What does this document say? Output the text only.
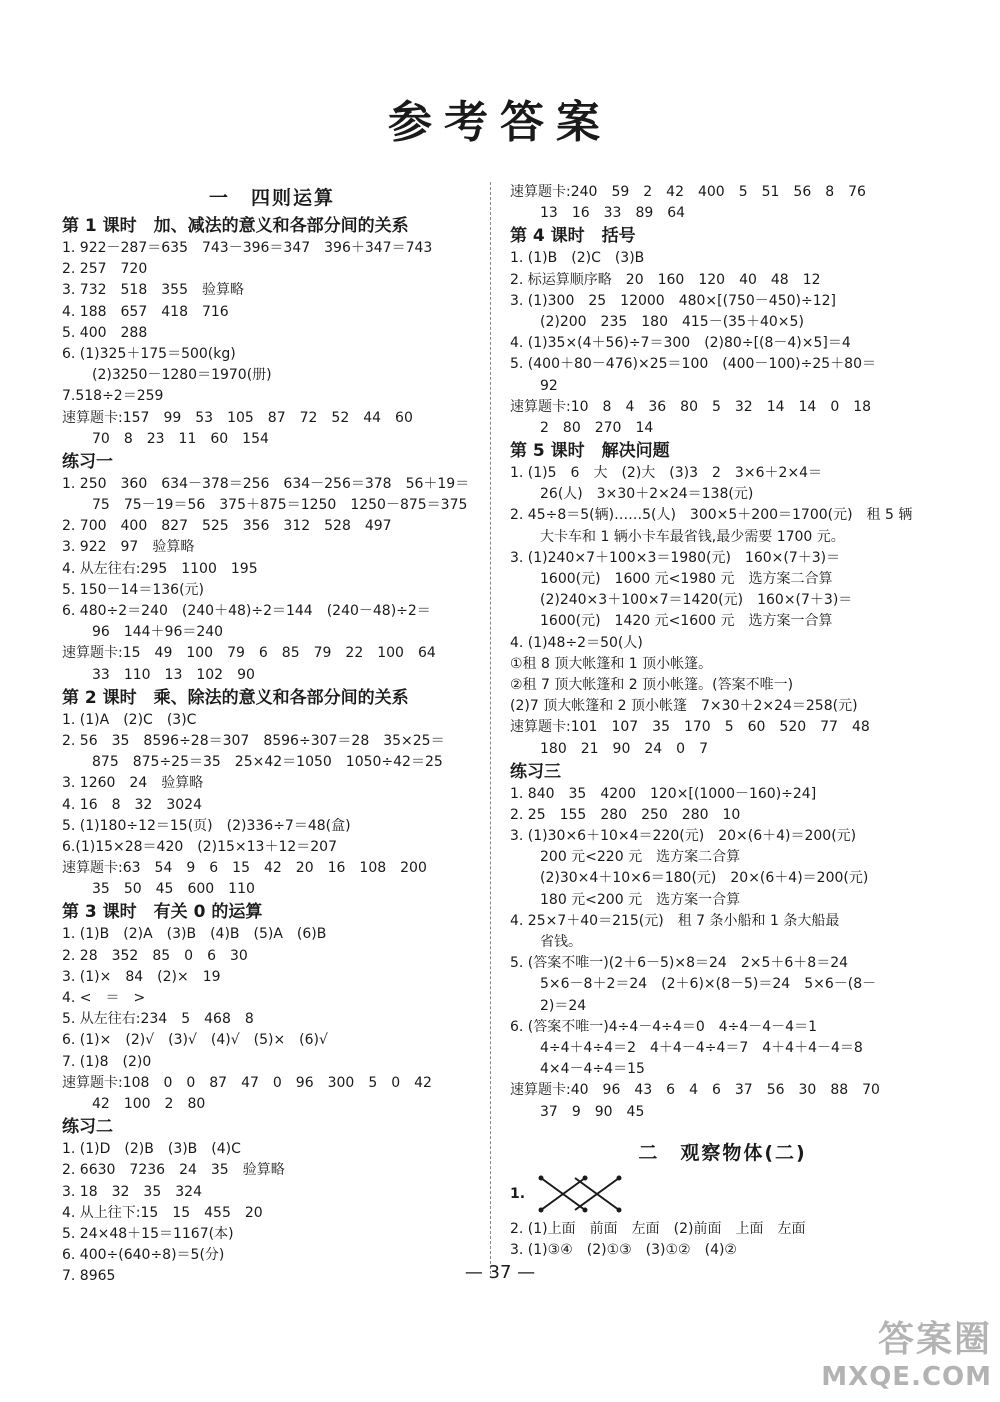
参考答案
一　四则运算
第 1 课时　加、减法的意义和各部分间的关系
1. 922－287＝635　743－396＝347　396＋347＝743
2. 257　720
3. 732　518　355　验算略
4. 188　657　418　716
5. 400　288
6. (1)325＋175＝500(kg)
(2)3250－1280＝1970(册)
7.518÷2＝259
速算题卡:157　99　53　105　87　72　52　44　60
70　8　23　11　60　154
练习一
1. 250　360　634－378＝256　634－256＝378　56＋19＝
75　75－19＝56　375＋875＝1250　1250－875＝375
2. 700　400　827　525　356　312　528　497
3. 922　97　验算略
4. 从左往右:295　1100　195
5. 150－14＝136(元)
6. 480÷2＝240　(240＋48)÷2＝144　(240－48)÷2＝
96　144＋96＝240
速算题卡:15　49　100　79　6　85　79　22　100　64
33　110　13　102　90
第 2 课时　乘、除法的意义和各部分间的关系
1. (1)A　(2)C　(3)C
2. 56　35　8596÷28＝307　8596÷307＝28　35×25＝
875　875÷25＝35　25×42＝1050　1050÷42＝25
3. 1260　24　验算略
4. 16　8　32　3024
5. (1)180÷12＝15(页)　(2)336÷7＝48(盒)
6.(1)15×28＝420　(2)15×13＋12＝207
速算题卡:63　54　9　6　15　42　20　16　108　200
35　50　45　600　110
第 3 课时　有关 0 的运算
1. (1)B　(2)A　(3)B　(4)B　(5)A　(6)B
2. 28　352　85　0　6　30
3. (1)×　84　(2)×　19
4. <　＝　>
5. 从左往右:234　5　468　8
6. (1)×　(2)√　(3)√　(4)√　(5)×　(6)√
7. (1)8　(2)0
速算题卡:108　0　0　87　47　0　96　300　5　0　42
42　100　2　80
练习二
1. (1)D　(2)B　(3)B　(4)C
2. 6630　7236　24　35　验算略
3. 18　32　35　324
4. 从上往下:15　15　455　20
5. 24×48＋15＝1167(本)
6. 400÷(640÷8)＝5(分)
7. 8965
速算题卡:240　59　2　42　400　5　51　56　8　76
13　16　33　89　64
第 4 课时　括号
1. (1)B　(2)C　(3)B
2. 标运算顺序略　20　160　120　40　48　12
3. (1)300　25　12000　480×[(750－450)÷12]
(2)200　235　180　415－(35＋40×5)
4. (1)35×(4＋56)÷7＝300　(2)80÷[(8－4)×5]＝4
5. (400＋80－476)×25＝100　(400－100)÷25＋80＝
92
速算题卡:10　8　4　36　80　5　32　14　14　0　18
2　80　270　14
第 5 课时　解决问题
1. (1)5　6　大　(2)大　(3)3　2　3×6＋2×4＝
26(人)　3×30＋2×24＝138(元)
2. 45÷8＝5(辆)……5(人)　300×5＋200＝1700(元)　租 5 辆
大卡车和 1 辆小卡车最省钱,最少需要 1700 元。
3. (1)240×7＋100×3＝1980(元)　160×(7＋3)＝
1600(元)　1600 元<1980 元　选方案二合算
(2)240×3＋100×7＝1420(元)　160×(7＋3)＝
1600(元)　1420 元<1600 元　选方案一合算
4. (1)48÷2＝50(人)
①租 8 顶大帐篷和 1 顶小帐篷。
②租 7 顶大帐篷和 2 顶小帐篷。(答案不唯一)
(2)7 顶大帐篷和 2 顶小帐篷　7×30＋2×24＝258(元)
速算题卡:101　107　35　170　5　60　520　77　48
180　21　90　24　0　7
练习三
1. 840　35　4200　120×[(1000－160)÷24]
2. 25　155　280　250　280　10
3. (1)30×6＋10×4＝220(元)　20×(6＋4)＝200(元)
200 元<220 元　选方案二合算
(2)30×4＋10×6＝180(元)　20×(6＋4)＝200(元)
180 元<200 元　选方案一合算
4. 25×7＋40＝215(元)　租 7 条小船和 1 条大船最
省钱。
5. (答案不唯一)(2＋6－5)×8＝24　2×5＋6＋8＝24
5×6－8＋2＝24　(2＋6)×(8－5)＝24　5×6－(8－
2)＝24
6. (答案不唯一)4÷4－4÷4＝0　4÷4－4－4＝1
4÷4＋4÷4＝2　4＋4－4÷4＝7　4＋4＋4－4＝8
4×4－4÷4＝15
速算题卡:40　96　43　6　4　6　37　56　30　88　70
37　9　90　45
二　观察物体(二)
1.
2. (1)上面　前面　左面　(2)前面　上面　左面
3. (1)③④　(2)①③　(3)①②　(4)②
— 37 —
答案圈
MXQE.COM
